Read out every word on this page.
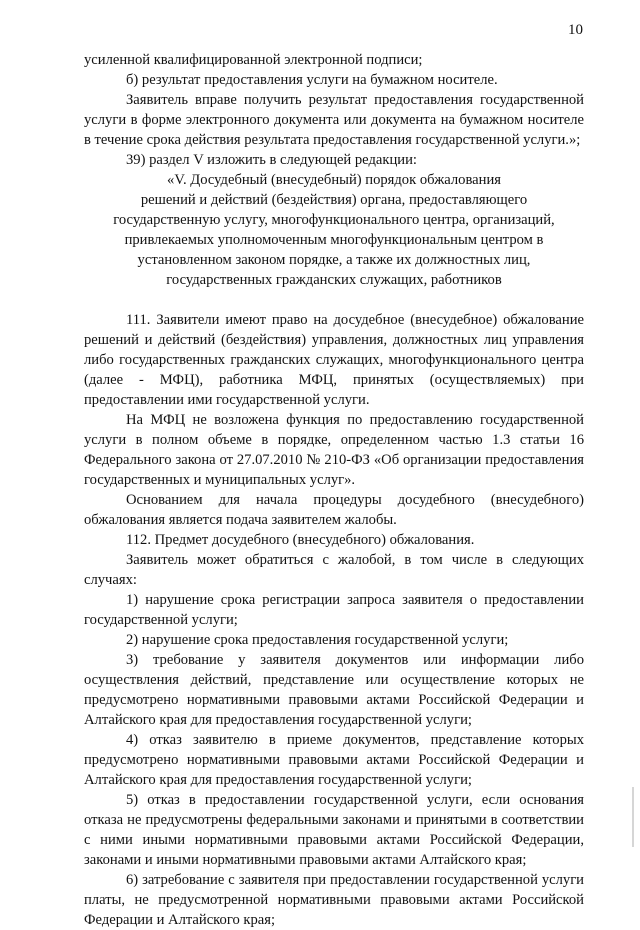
10

усиленной квалифицированной электронной подписи;

б) результат предоставления услуги на бумажном носителе.

Заявитель вправе получить результат предоставления государственной услуги в форме электронного документа или документа на бумажном носителе в течение срока действия результата предоставления государственной услуги.»;

39) раздел V изложить в следующей редакции:

«V. Досудебный (внесудебный) порядок обжалования
решений и действий (бездействия) органа, предоставляющего
государственную услугу, многофункционального центра, организаций,
привлекаемых уполномоченным многофункциональным центром в
установленном законом порядке, а также их должностных лиц,
государственных гражданских служащих, работников

111. Заявители имеют право на досудебное (внесудебное) обжалование решений и действий (бездействия) управления, должностных лиц управления либо государственных гражданских служащих, многофункционального центра (далее - МФЦ), работника МФЦ, принятых (осуществляемых) при предоставлении ими государственной услуги.

На МФЦ не возложена функция по предоставлению государственной услуги в полном объеме в порядке, определенном частью 1.3 статьи 16 Федерального закона от 27.07.2010 № 210-ФЗ «Об организации предоставления государственных и муниципальных услуг».

Основанием для начала процедуры досудебного (внесудебного) обжалования является подача заявителем жалобы.

112. Предмет досудебного (внесудебного) обжалования.

Заявитель может обратиться с жалобой, в том числе в следующих случаях:

1) нарушение срока регистрации запроса заявителя о предоставлении государственной услуги;

2) нарушение срока предоставления государственной услуги;

3) требование у заявителя документов или информации либо осуществления действий, представление или осуществление которых не предусмотрено нормативными правовыми актами Российской Федерации и Алтайского края для предоставления государственной услуги;

4) отказ заявителю в приеме документов, представление которых предусмотрено нормативными правовыми актами Российской Федерации и Алтайского края для предоставления государственной услуги;

5) отказ в предоставлении государственной услуги, если основания отказа не предусмотрены федеральными законами и принятыми в соответствии с ними иными нормативными правовыми актами Российской Федерации, законами и иными нормативными правовыми актами Алтайского края;

6) затребование с заявителя при предоставлении государственной услуги платы, не предусмотренной нормативными правовыми актами Российской Федерации и Алтайского края;
